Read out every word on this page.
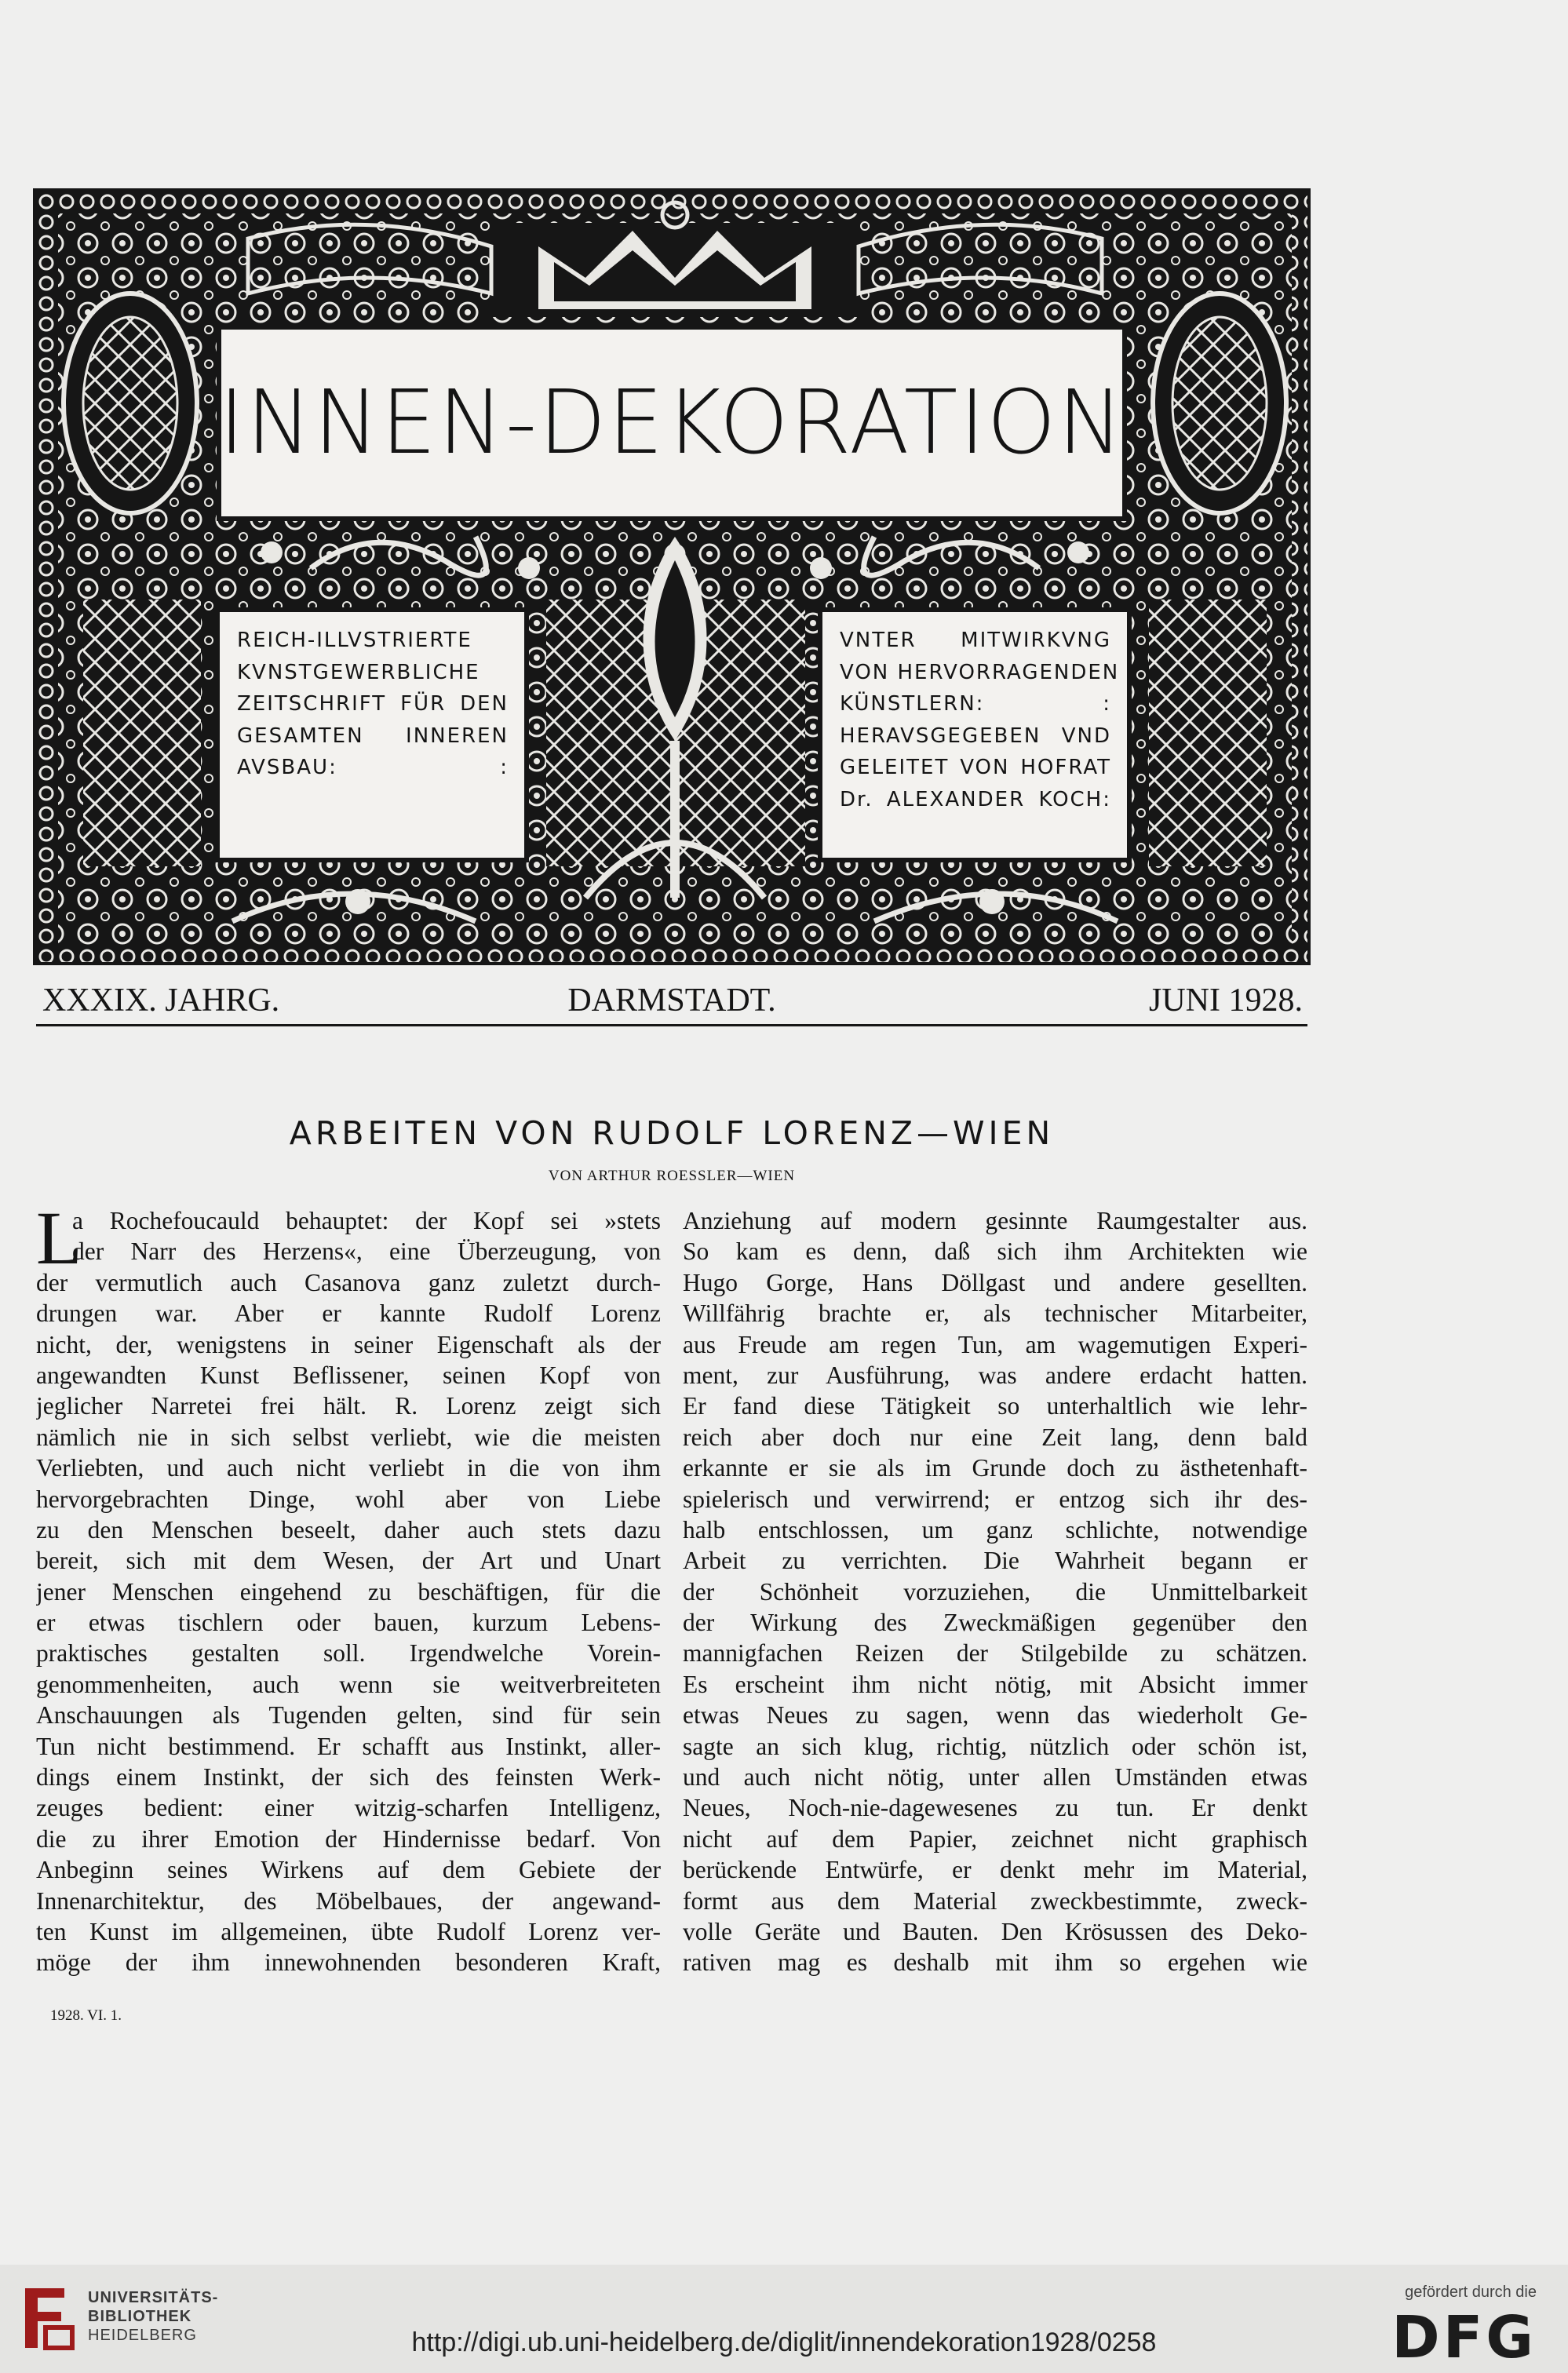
INNEN-DEKORATION
REICH-ILLVSTRIERTE
KVNSTGEWERBLICHE
ZEITSCHRIFT FÜR DEN
GESAMTEN INNEREN
AVSBAU: :
VNTER MITWIRKVNG
VON HERVORRAGENDEN
KÜNSTLERN: :
HERAVSGEGEBEN VND
GELEITET VON HOFRAT
Dr. ALEXANDER KOCH:
DARMSTADT.
XXXIX. JAHRG.	JUNI 1928.
ARBEITEN VON RUDOLF LORENZ—WIEN
VON ARTHUR ROESSLER—WIEN
L
a Rochefoucauld behauptet: der Kopf sei »stets
der Narr des Herzens«, eine Überzeugung, von
der vermutlich auch Casanova ganz zuletzt durch-
drungen war. Aber er kannte Rudolf Lorenz
nicht, der, wenigstens in seiner Eigenschaft als der
angewandten Kunst Beflissener, seinen Kopf von
jeglicher Narretei frei hält. R. Lorenz zeigt sich
nämlich nie in sich selbst verliebt, wie die meisten
Verliebten, und auch nicht verliebt in die von ihm
hervorgebrachten Dinge, wohl aber von Liebe
zu den Menschen beseelt, daher auch stets dazu
bereit, sich mit dem Wesen, der Art und Unart
jener Menschen eingehend zu beschäftigen, für die
er etwas tischlern oder bauen, kurzum Lebens-
praktisches gestalten soll. Irgendwelche Vorein-
genommenheiten, auch wenn sie weitverbreiteten
Anschauungen als Tugenden gelten, sind für sein
Tun nicht bestimmend. Er schafft aus Instinkt, aller-
dings einem Instinkt, der sich des feinsten Werk-
zeuges bedient: einer witzig-scharfen Intelligenz,
die zu ihrer Emotion der Hindernisse bedarf. Von
Anbeginn seines Wirkens auf dem Gebiete der
Innenarchitektur, des Möbelbaues, der angewand-
ten Kunst im allgemeinen, übte Rudolf Lorenz ver-
möge der ihm innewohnenden besonderen Kraft,
Anziehung auf modern gesinnte Raumgestalter aus.
So kam es denn, daß sich ihm Architekten wie
Hugo Gorge, Hans Döllgast und andere gesellten.
Willfährig brachte er, als technischer Mitarbeiter,
aus Freude am regen Tun, am wagemutigen Experi-
ment, zur Ausführung, was andere erdacht hatten.
Er fand diese Tätigkeit so unterhaltlich wie lehr-
reich aber doch nur eine Zeit lang, denn bald
erkannte er sie als im Grunde doch zu ästhetenhaft-
spielerisch und verwirrend; er entzog sich ihr des-
halb entschlossen, um ganz schlichte, notwendige
Arbeit zu verrichten. Die Wahrheit begann er
der Schönheit vorzuziehen, die Unmittelbarkeit
der Wirkung des Zweckmäßigen gegenüber den
mannigfachen Reizen der Stilgebilde zu schätzen.
Es erscheint ihm nicht nötig, mit Absicht immer
etwas Neues zu sagen, wenn das wiederholt Ge-
sagte an sich klug, richtig, nützlich oder schön ist,
und auch nicht nötig, unter allen Umständen etwas
Neues, Noch-nie-dagewesenes zu tun. Er denkt
nicht auf dem Papier, zeichnet nicht graphisch
berückende Entwürfe, er denkt mehr im Material,
formt aus dem Material zweckbestimmte, zweck-
volle Geräte und Bauten. Den Krösussen des Deko-
rativen mag es deshalb mit ihm so ergehen wie
1928. VI. 1.
UNIVERSITÄTS-
BIBLIOTHEK
HEIDELBERG	http://digi.ub.uni-heidelberg.de/diglit/innendekoration1928/0258
gefördert durch die
DFG
